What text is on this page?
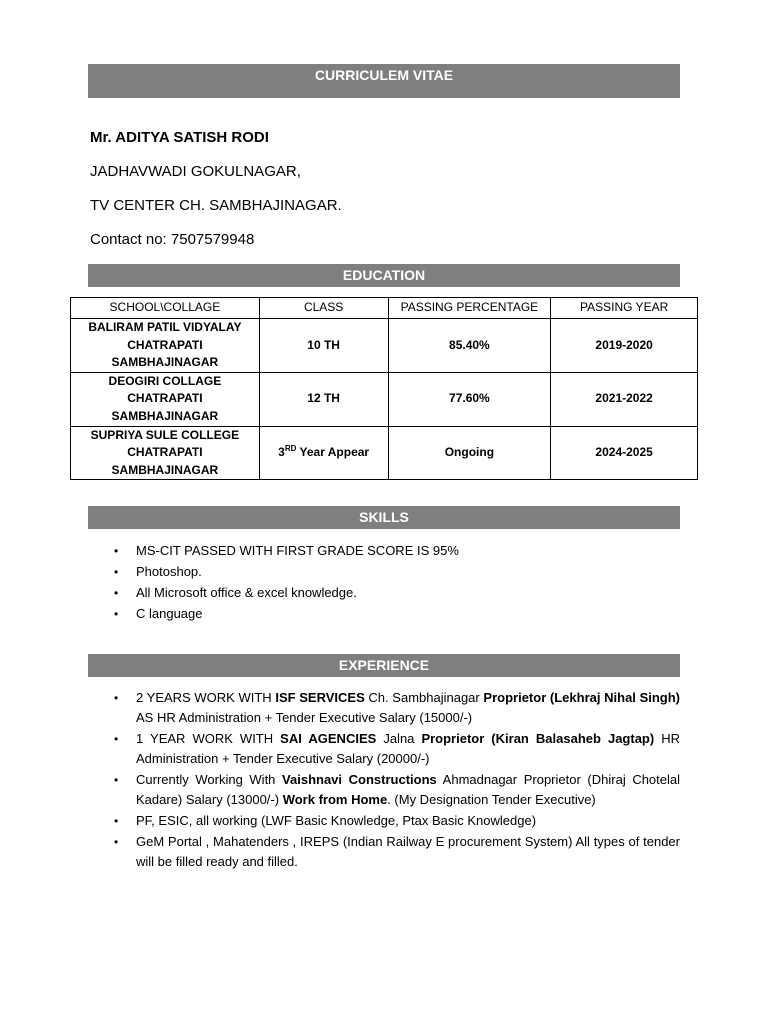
CURRICULEM VITAE
Mr. ADITYA SATISH RODI
JADHAVWADI GOKULNAGAR,
TV CENTER CH. SAMBHAJINAGAR.
Contact no: 7507579948
EDUCATION
SCHOOL\COLLAGE	CLASS	PASSING PERCENTAGE	PASSING YEAR

BALIRAM PATIL VIDYALAY
CHATRAPATI
SAMBHAJINAGAR	10 TH	85.40%	2019-2020

DEOGIRI COLLAGE
CHATRAPATI
SAMBHAJINAGAR	12 TH	77.60%	2021-2022

SUPRIYA SULE COLLEGE
CHATRAPATI
SAMBHAJINAGAR	3RD Year Appear	Ongoing	2024-2025
SKILLS
• MS-CIT PASSED WITH FIRST GRADE SCORE IS 95%
• Photoshop.
• All Microsoft office & excel knowledge.
• C language
EXPERIENCE
• 2 YEARS WORK WITH ISF SERVICES Ch. Sambhajinagar Proprietor (Lekhraj Nihal Singh) AS HR Administration + Tender Executive Salary (15000/-)
• 1 YEAR WORK WITH SAI AGENCIES Jalna Proprietor (Kiran Balasaheb Jagtap) HR Administration + Tender Executive Salary (20000/-)
• Currently Working With Vaishnavi Constructions Ahmadnagar Proprietor (Dhiraj Chotelal Kadare) Salary (13000/-) Work from Home. (My Designation Tender Executive)
• PF, ESIC, all working (LWF Basic Knowledge, Ptax Basic Knowledge)
• GeM Portal , Mahatenders , IREPS (Indian Railway E procurement System) All types of tender will be filled ready and filled.
